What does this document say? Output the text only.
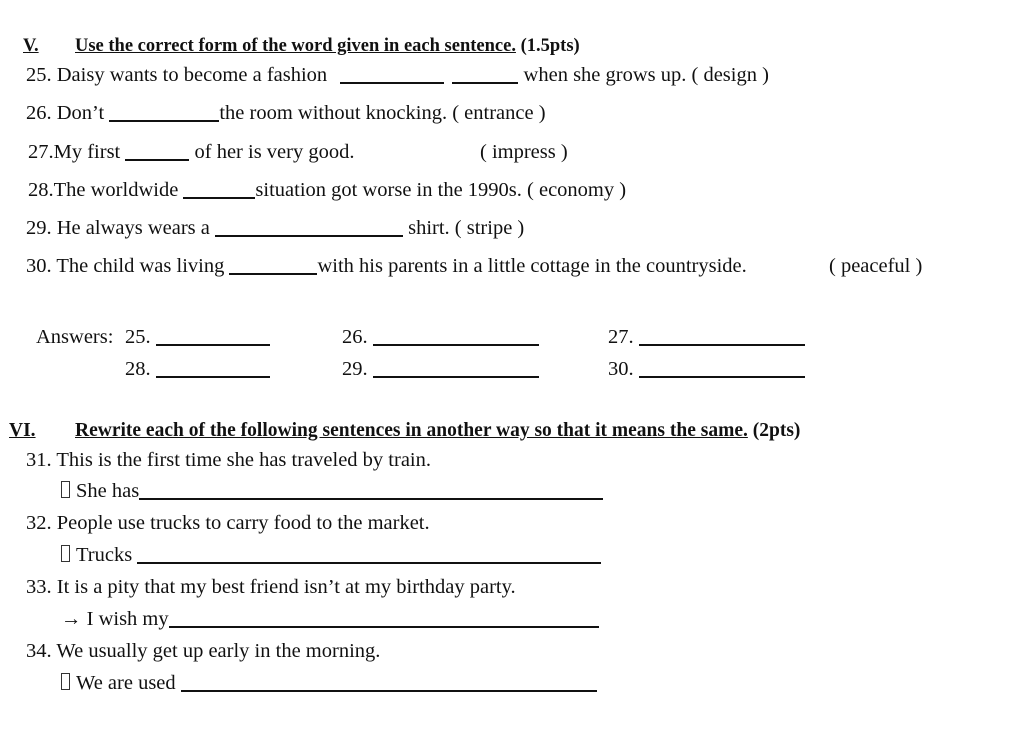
V. Use the correct form of the word given in each sentence. (1.5pts)
25. Daisy wants to become a fashion	when she grows up. ( design )
26. Don’t	the room without knocking. ( entrance )
27.My first	of her is very good.	( impress )
28.The worldwide	situation got worse in the 1990s. ( economy )
29. He always wears a	shirt. ( stripe )
30. The child was living	with his parents in a little cottage in the countryside.	( peaceful )
Answers: 25.	26.	27.
28.	29.	30.
VI. Rewrite each of the following sentences in another way so that it means the same. (2pts)
31. This is the first time she has traveled by train.
She has
32. People use trucks to carry food to the market.
Trucks
33. It is a pity that my best friend isn’t at my birthday party.
→ I wish my
34. We usually get up early in the morning.
We are used
